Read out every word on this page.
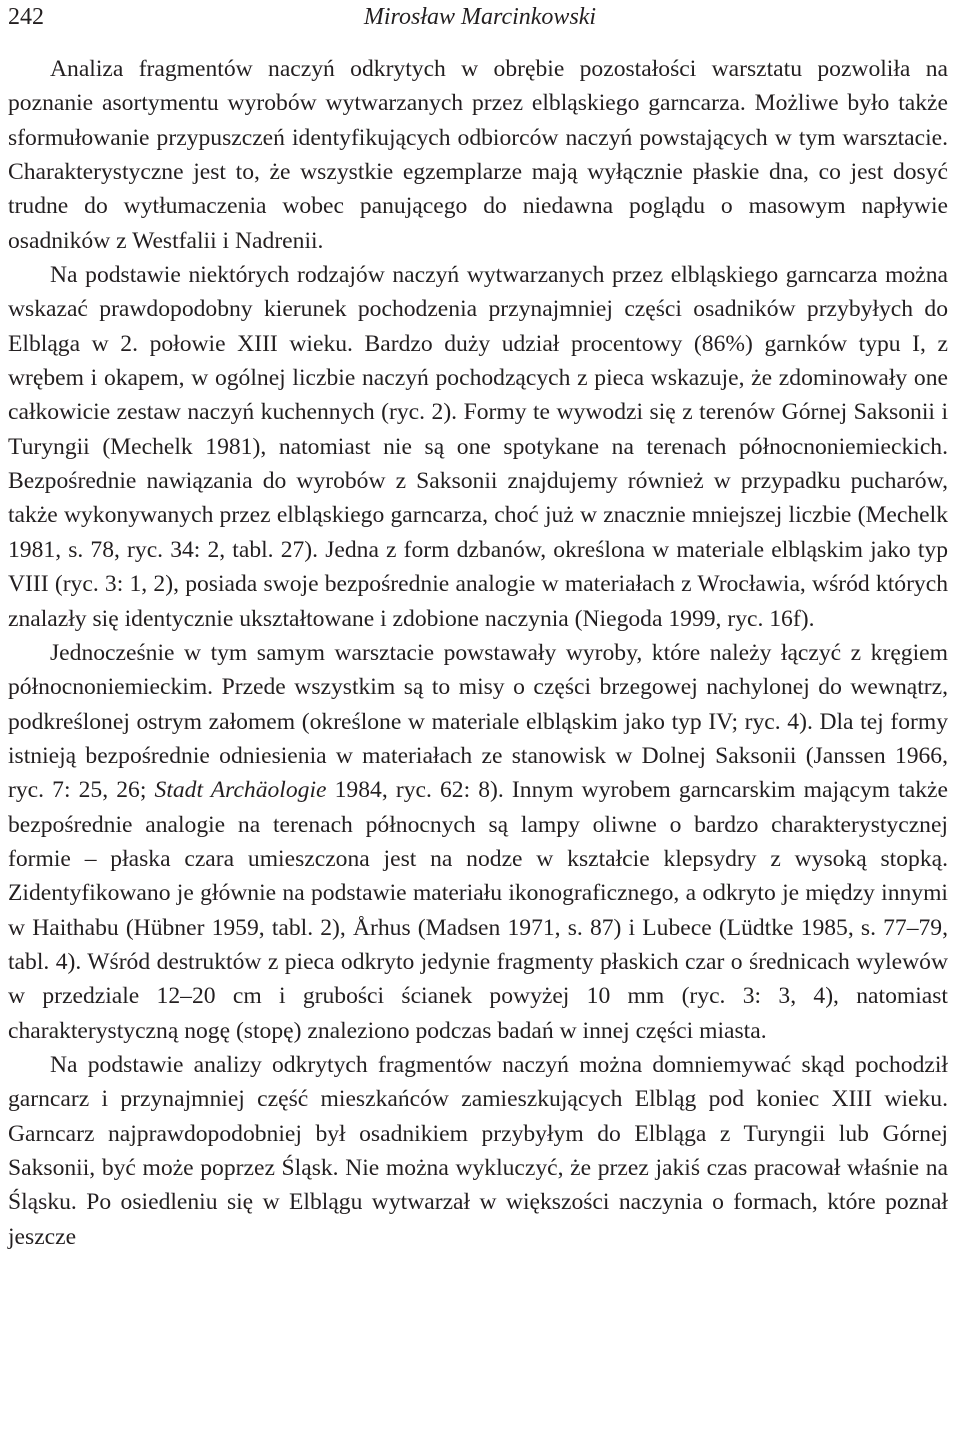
242	Mirosław Marcinkowski

Analiza fragmentów naczyń odkrytych w obrębie pozostałości warsztatu pozwoliła na poznanie asortymentu wyrobów wytwarzanych przez elbląskiego garncarza. Możliwe było także sformułowanie przypuszczeń identyfikujących odbiorców naczyń powstających w tym warsztacie. Charakterystyczne jest to, że wszystkie egzemplarze mają wyłącznie płaskie dna, co jest dosyć trudne do wytłumaczenia wobec panującego do niedawna poglądu o masowym napływie osadników z Westfalii i Nadrenii.

Na podstawie niektórych rodzajów naczyń wytwarzanych przez elbląskiego garncarza można wskazać prawdopodobny kierunek pochodzenia przynajmniej części osadników przybyłych do Elbląga w 2. połowie XIII wieku. Bardzo duży udział procentowy (86%) garnków typu I, z wrębem i okapem, w ogólnej liczbie naczyń pochodzących z pieca wskazuje, że zdominowały one całkowicie zestaw naczyń kuchennych (ryc. 2). Formy te wywodzi się z terenów Górnej Saksonii i Turyngii (Mechelk 1981), natomiast nie są one spotykane na terenach północnoniemieckich. Bezpośrednie nawiązania do wyrobów z Saksonii znajdujemy również w przypadku pucharów, także wykonywanych przez elbląskiego garncarza, choć już w znacznie mniejszej liczbie (Mechelk 1981, s. 78, ryc. 34: 2, tabl. 27). Jedna z form dzbanów, określona w materiale elbląskim jako typ VIII (ryc. 3: 1, 2), posiada swoje bezpośrednie analogie w materiałach z Wrocławia, wśród których znalazły się identycznie ukształtowane i zdobione naczynia (Niegoda 1999, ryc. 16f).

Jednocześnie w tym samym warsztacie powstawały wyroby, które należy łączyć z kręgiem północnoniemieckim. Przede wszystkim są to misy o części brzegowej nachylonej do wewnątrz, podkreślonej ostrym załomem (określone w materiale elbląskim jako typ IV; ryc. 4). Dla tej formy istnieją bezpośrednie odniesienia w materiałach ze stanowisk w Dolnej Saksonii (Janssen 1966, ryc. 7: 25, 26; Stadt Archäologie 1984, ryc. 62: 8). Innym wyrobem garncarskim mającym także bezpośrednie analogie na terenach północnych są lampy oliwne o bardzo charakterystycznej formie – płaska czara umieszczona jest na nodze w kształcie klepsydry z wysoką stopką. Zidentyfikowano je głównie na podstawie materiału ikonograficznego, a odkryto je między innymi w Haithabu (Hübner 1959, tabl. 2), Århus (Madsen 1971, s. 87) i Lubece (Lüdtke 1985, s. 77–79, tabl. 4). Wśród destruktów z pieca odkryto jedynie fragmenty płaskich czar o średnicach wylewów w przedziale 12–20 cm i grubości ścianek powyżej 10 mm (ryc. 3: 3, 4), natomiast charakterystyczną nogę (stopę) znaleziono podczas badań w innej części miasta.

Na podstawie analizy odkrytych fragmentów naczyń można domniemywać skąd pochodził garncarz i przynajmniej część mieszkańców zamieszkujących Elbląg pod koniec XIII wieku. Garncarz najprawdopodobniej był osadnikiem przybyłym do Elbląga z Turyngii lub Górnej Saksonii, być może poprzez Śląsk. Nie można wykluczyć, że przez jakiś czas pracował właśnie na Śląsku. Po osiedleniu się w Elblągu wytwarzał w większości naczynia o formach, które poznał jeszcze
